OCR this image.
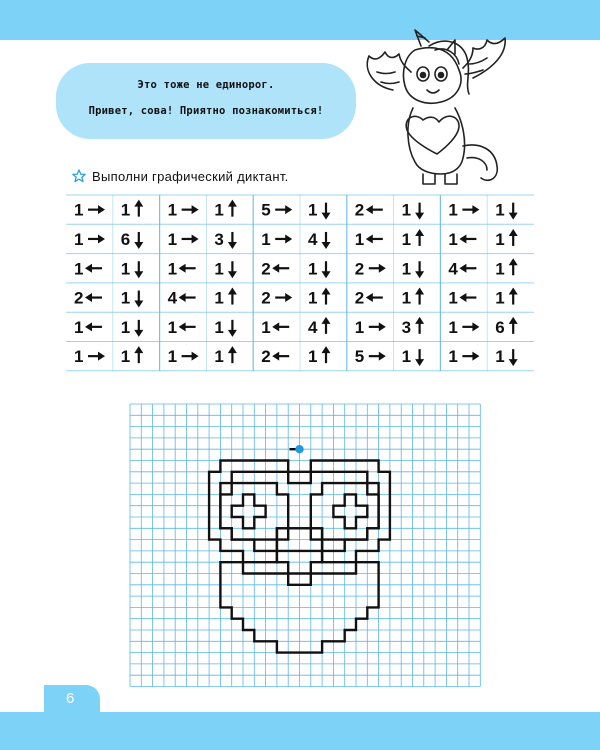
Это тоже не единорог.
Привет, сова! Приятно познакомиться!
Выполни графический диктант.
1 1 1 1 5 1 2 1 1 1
1 6 1 3 1 4 1 1 1 1
1 1 1 1 2 1 2 1 4 1
2 1 4 1 2 1 2 1 1 1
1 1 1 1 1 4 1 3 1 6
1 1 1 1 2 1 5 1 1 1
6
